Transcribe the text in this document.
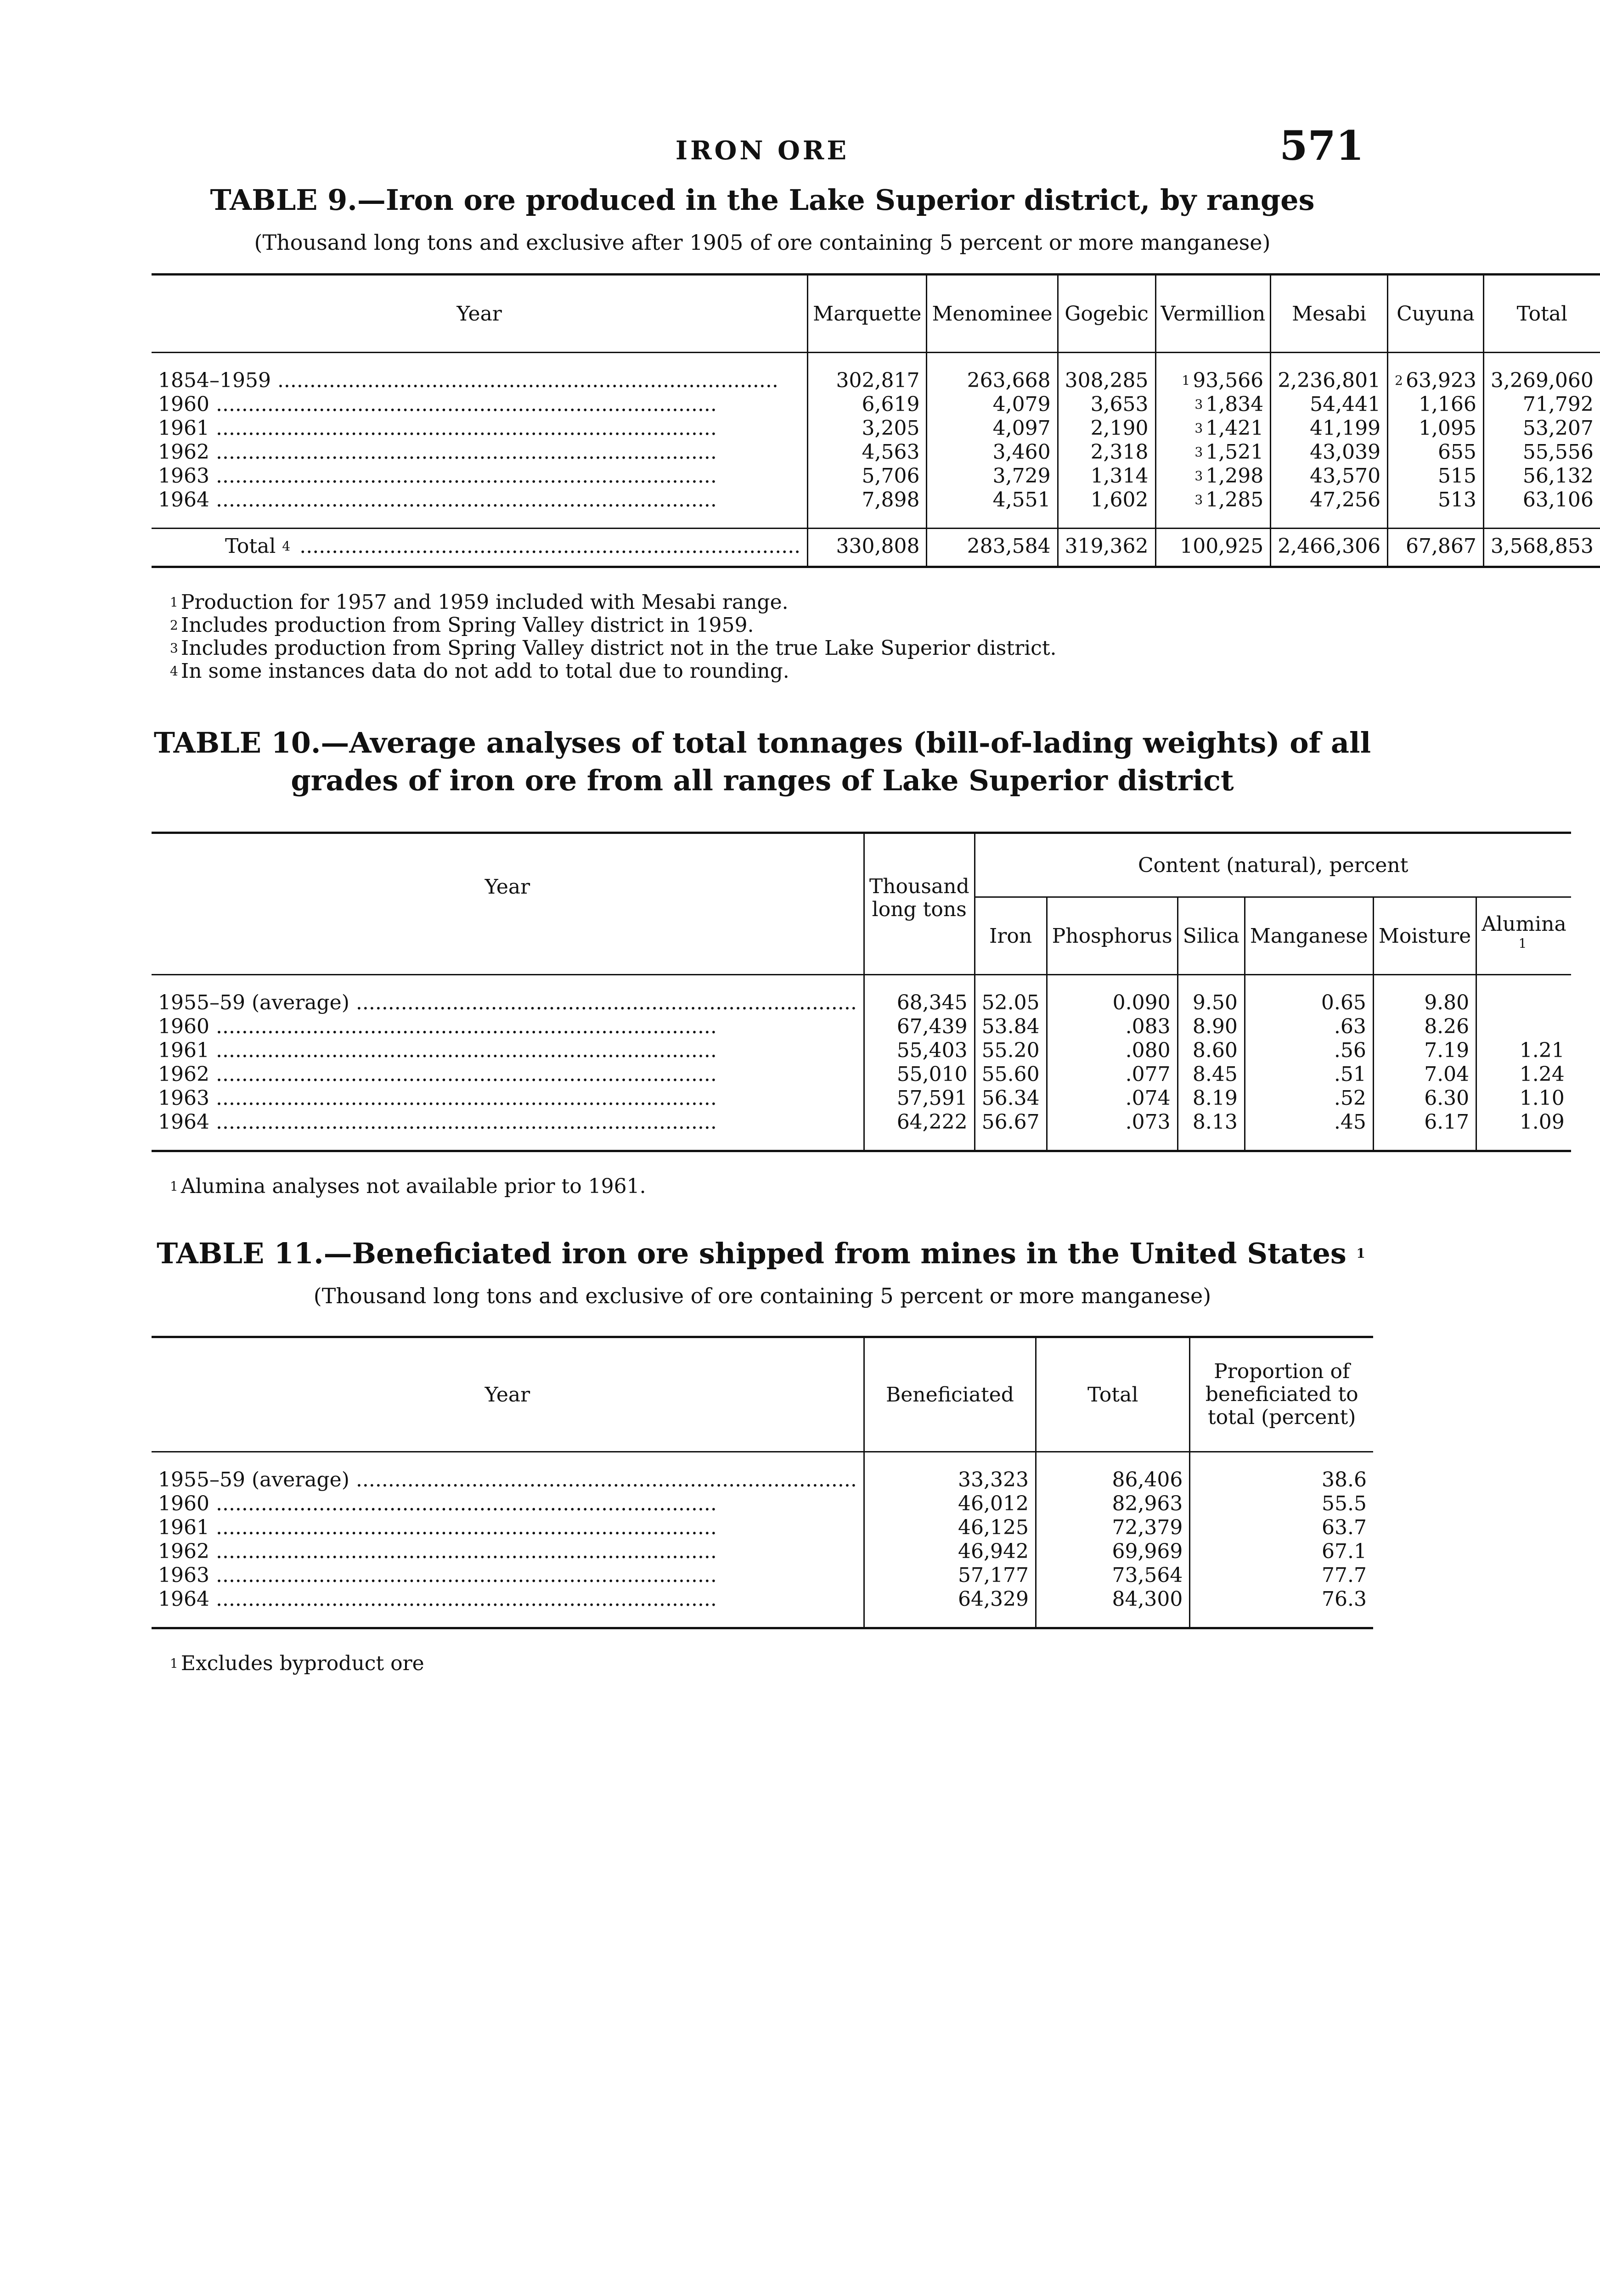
IRON ORE	571
TABLE 9.—Iron ore produced in the Lake Superior district, by ranges
(Thousand long tons and exclusive after 1905 of ore containing 5 percent or more manganese)
Year	Marquette	Menominee	Gogebic	Vermillion	Mesabi	Cuyuna	Total

1854–1959 .....	302,817	263,668	308,285	$^1$ 93,566	2,236,801	$^2$ 63,923	3,269,060
1960 .....	6,619	4,079	3,653	$^3$ 1,834	54,441	1,166	71,792
1961 .....	3,205	4,097	2,190	$^3$ 1,421	41,199	1,095	53,207
1962 .....	4,563	3,460	2,318	$^3$ 1,521	43,039	655	55,556
1963 .....	5,706	3,729	1,314	$^3$ 1,298	43,570	515	56,132
1964 .....	7,898	4,551	1,602	$^3$ 1,285	47,256	513	63,106

Total $^4$ .....	330,808	283,584	319,362	100,925	2,466,306	67,867	3,568,853
$^1$ Production for 1957 and 1959 included with Mesabi range.
$^2$ Includes production from Spring Valley district in 1959.
$^3$ Includes production from Spring Valley district not in the true Lake Superior district.
$^4$ In some instances data do not add to total due to rounding.
TABLE 10.—Average analyses of total tonnages (bill-of-lading weights) of all
grades of iron ore from all ranges of Lake Superior district
Year	Thousand long tons	Content (natural), percent					
		Iron	Phosphorus	Silica	Manganese	Moisture	Alumina $^1$

1955–59 (average) .....	68,345	52.05	0.090	9.50	0.65	9.80	
1960 .....	67,439	53.84	.083	8.90	.63	8.26	
1961 .....	55,403	55.20	.080	8.60	.56	7.19	1.21
1962 .....	55,010	55.60	.077	8.45	.51	7.04	1.24
1963 .....	57,591	56.34	.074	8.19	.52	6.30	1.10
1964 .....	64,222	56.67	.073	8.13	.45	6.17	1.09

$^1$ Alumina analyses not available prior to 1961.
TABLE 11.—Beneficiated iron ore shipped from mines in the United States $^1$
(Thousand long tons and exclusive of ore containing 5 percent or more manganese)
Year	Beneficiated	Total	Proportion of beneficiated to total (percent)

1955–59 (average) .....	33,323	86,406	38.6
1960 .....	46,012	82,963	55.5
1961 .....	46,125	72,379	63.7
1962 .....	46,942	69,969	67.1
1963 .....	57,177	73,564	77.7
1964 .....	64,329	84,300	76.3

$^1$ Excludes byproduct ore
